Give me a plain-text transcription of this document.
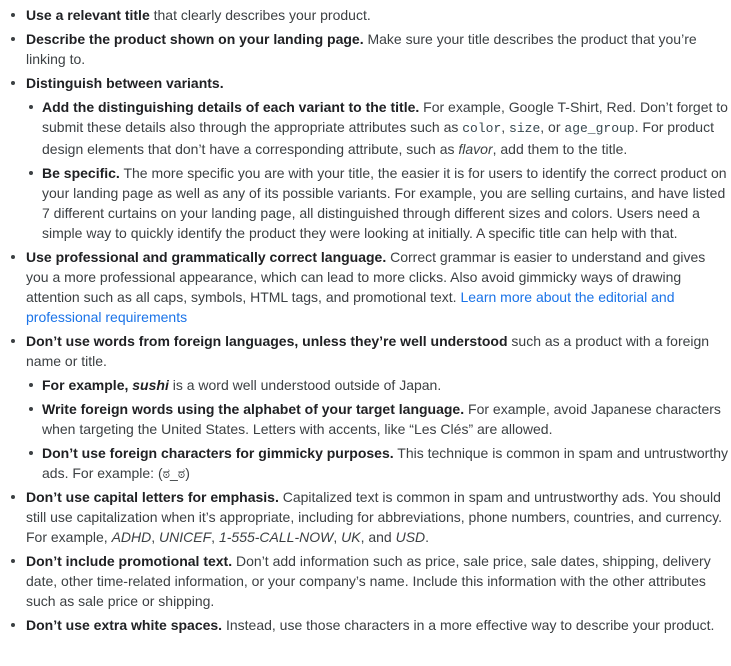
Use a relevant title that clearly describes your product.
Describe the product shown on your landing page. Make sure your title describes the product that you’re linking to.
Distinguish between variants.
Add the distinguishing details of each variant to the title. For example, Google T-Shirt, Red. Don’t forget to submit these details also through the appropriate attributes such as color, size, or age_group. For product design elements that don’t have a corresponding attribute, such as flavor, add them to the title.
Be specific. The more specific you are with your title, the easier it is for users to identify the correct product on your landing page as well as any of its possible variants. For example, you are selling curtains, and have listed 7 different curtains on your landing page, all distinguished through different sizes and colors. Users need a simple way to quickly identify the product they were looking at initially. A specific title can help with that.
Use professional and grammatically correct language. Correct grammar is easier to understand and gives you a more professional appearance, which can lead to more clicks. Also avoid gimmicky ways of drawing attention such as all caps, symbols, HTML tags, and promotional text. Learn more about the editorial and professional requirements
Don’t use words from foreign languages, unless they’re well understood such as a product with a foreign name or title.
For example, sushi is a word well understood outside of Japan.
Write foreign words using the alphabet of your target language. For example, avoid Japanese characters when targeting the United States. Letters with accents, like “Les Clés” are allowed.
Don’t use foreign characters for gimmicky purposes. This technique is common in spam and untrustworthy ads. For example: (ಠ_ಠ)
Don’t use capital letters for emphasis. Capitalized text is common in spam and untrustworthy ads. You should still use capitalization when it’s appropriate, including for abbreviations, phone numbers, countries, and currency. For example, ADHD, UNICEF, 1-555-CALL-NOW, UK, and USD.
Don’t include promotional text. Don’t add information such as price, sale price, sale dates, shipping, delivery date, other time-related information, or your company’s name. Include this information with the other attributes such as sale price or shipping.
Don’t use extra white spaces. Instead, use those characters in a more effective way to describe your product.
